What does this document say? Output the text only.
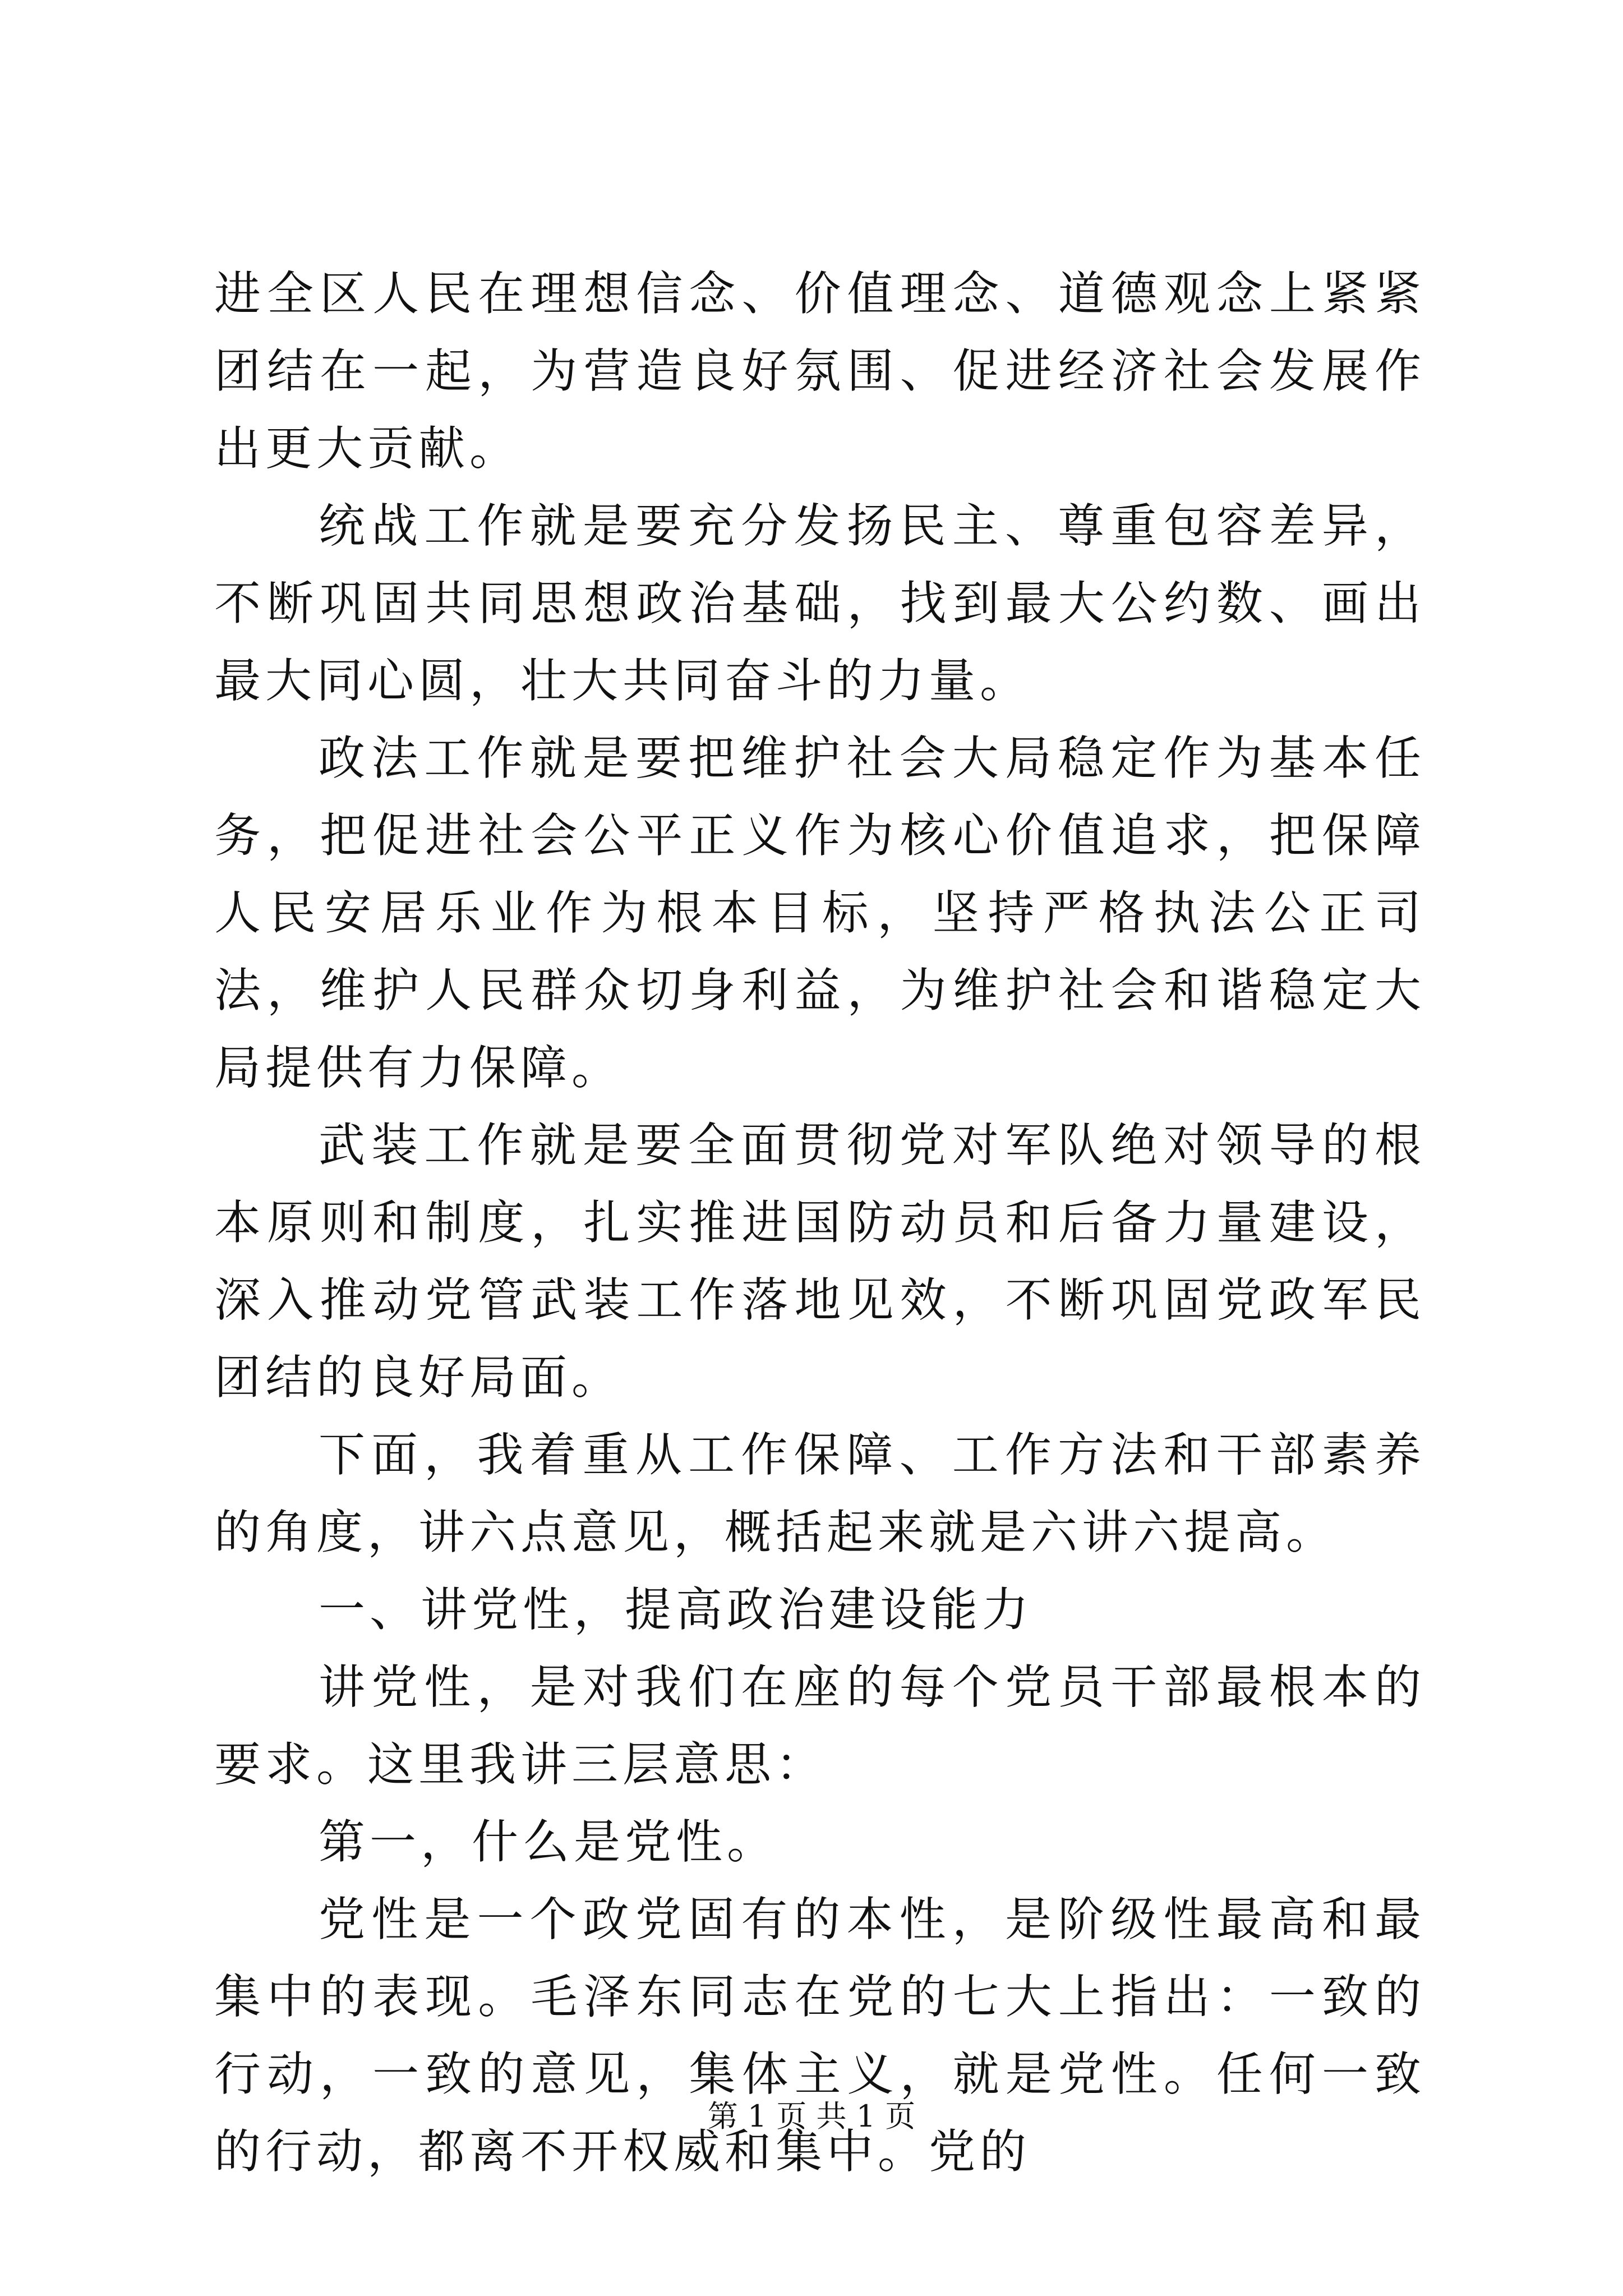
进全区人民在理想信念、价值理念、道德观念上紧紧团结在一起，为营造良好氛围、促进经济社会发展作出更大贡献。

统战工作就是要充分发扬民主、尊重包容差异，不断巩固共同思想政治基础，找到最大公约数、画出最大同心圆，壮大共同奋斗的力量。

政法工作就是要把维护社会大局稳定作为基本任务，把促进社会公平正义作为核心价值追求，把保障人民安居乐业作为根本目标，坚持严格执法公正司法，维护人民群众切身利益，为维护社会和谐稳定大局提供有力保障。

武装工作就是要全面贯彻党对军队绝对领导的根本原则和制度，扎实推进国防动员和后备力量建设，深入推动党管武装工作落地见效，不断巩固党政军民团结的良好局面。

下面，我着重从工作保障、工作方法和干部素养的角度，讲六点意见，概括起来就是六讲六提高。

一、讲党性，提高政治建设能力

讲党性，是对我们在座的每个党员干部最根本的要求。这里我讲三层意思：

第一，什么是党性。

党性是一个政党固有的本性，是阶级性最高和最集中的表现。毛泽东同志在党的七大上指出：一致的行动，一致的意见，集体主义，就是党性。任何一致的行动，都离不开权威和集中。党的

第 1 页 共 1 页
